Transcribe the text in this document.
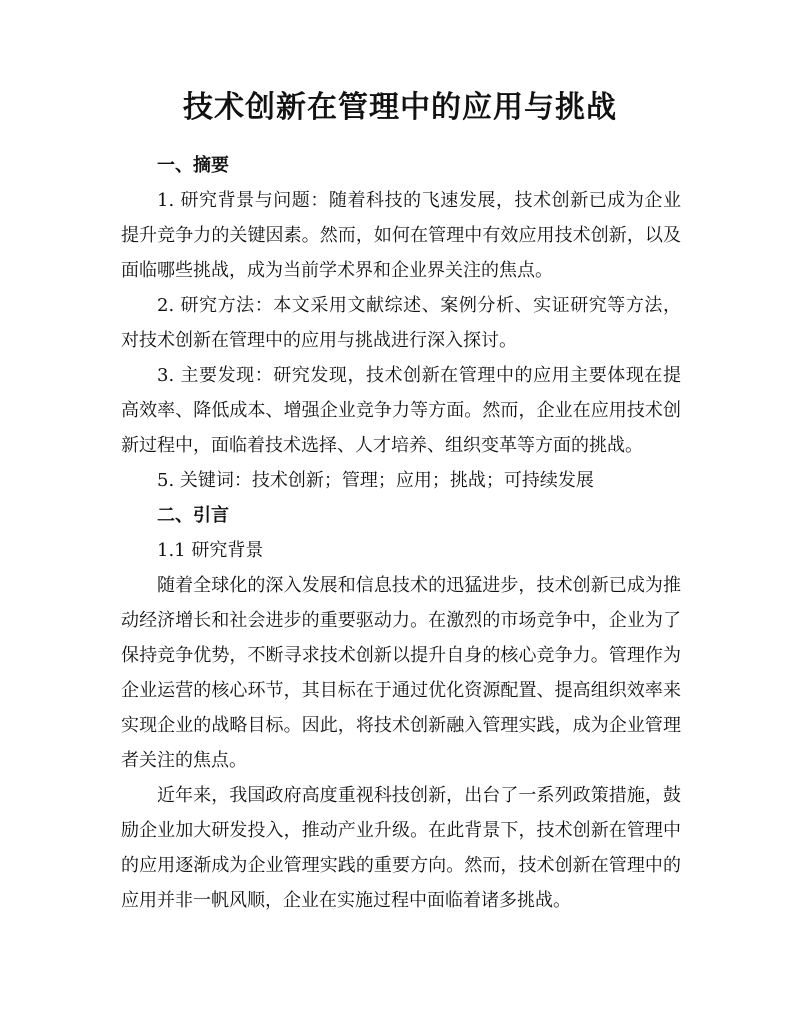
技术创新在管理中的应用与挑战

一、摘要

1. 研究背景与问题：随着科技的飞速发展，技术创新已成为企业提升竞争力的关键因素。然而，如何在管理中有效应用技术创新，以及面临哪些挑战，成为当前学术界和企业界关注的焦点。

2. 研究方法：本文采用文献综述、案例分析、实证研究等方法，对技术创新在管理中的应用与挑战进行深入探讨。

3. 主要发现：研究发现，技术创新在管理中的应用主要体现在提高效率、降低成本、增强企业竞争力等方面。然而，企业在应用技术创新过程中，面临着技术选择、人才培养、组织变革等方面的挑战。

5. 关键词：技术创新；管理；应用；挑战；可持续发展

二、引言

1.1 研究背景

随着全球化的深入发展和信息技术的迅猛进步，技术创新已成为推动经济增长和社会进步的重要驱动力。在激烈的市场竞争中，企业为了保持竞争优势，不断寻求技术创新以提升自身的核心竞争力。管理作为企业运营的核心环节，其目标在于通过优化资源配置、提高组织效率来实现企业的战略目标。因此，将技术创新融入管理实践，成为企业管理者关注的焦点。

近年来，我国政府高度重视科技创新，出台了一系列政策措施，鼓励企业加大研发投入，推动产业升级。在此背景下，技术创新在管理中的应用逐渐成为企业管理实践的重要方向。然而，技术创新在管理中的应用并非一帆风顺，企业在实施过程中面临着诸多挑战。
